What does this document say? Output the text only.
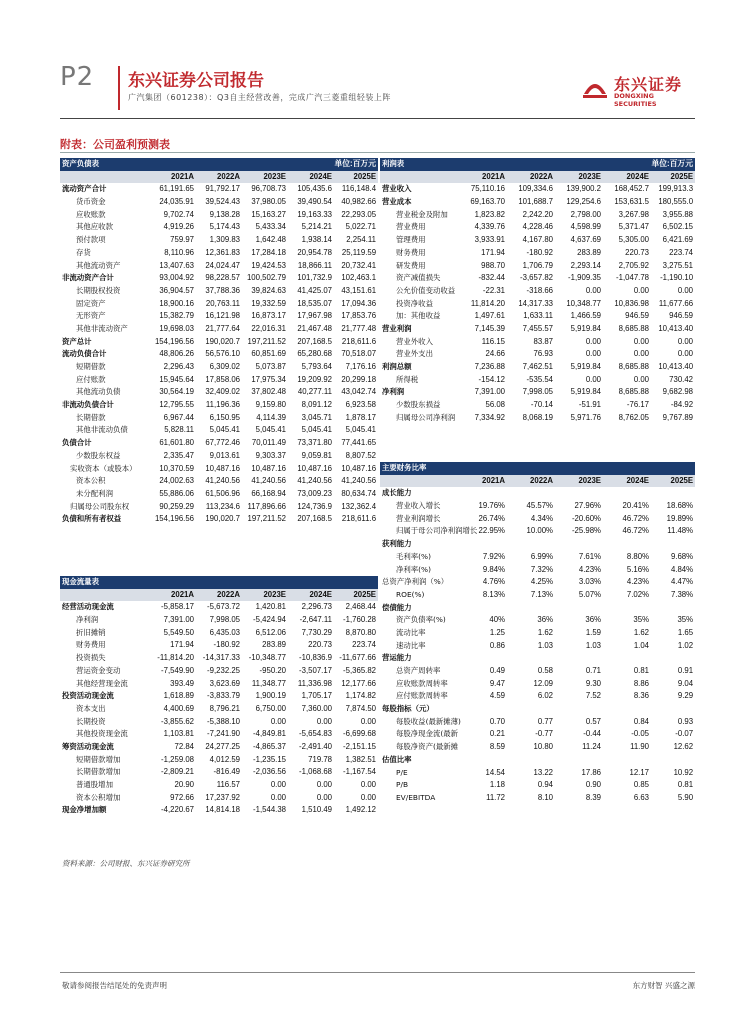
P2 东兴证券公司报告
广汽集团（601238）：Q3自主经营改善，完成广汽三菱重组轻装上阵
东兴证券
DONGXING SECURITIES
附表：公司盈利预测表
资产负债表			单位:百万元		
	2021A	2022A	2023E	2024E	2025E
流动资产合计	61,191.65	91,792.17	96,708.73	105,435.6	116,148.4
货币资金	24,035.91	39,524.43	37,980.05	39,490.54	40,982.66
应收账款	9,702.74	9,138.28	15,163.27	19,163.33	22,293.05
其他应收款	4,919.26	5,174.43	5,433.34	5,214.21	5,022.71
预付款项	759.97	1,309.83	1,642.48	1,938.14	2,254.11
存货	8,110.96	12,361.83	17,284.18	20,954.78	25,119.59
其他流动资产	13,407.63	24,024.47	19,424.53	18,866.11	20,732.41
非流动资产合计	93,004.92	98,228.57	100,502.79	101,732.9	102,463.1
长期股权投资	36,904.57	37,788.36	39,824.63	41,425.07	43,151.61
固定资产	18,900.16	20,763.11	19,332.59	18,535.07	17,094.36
无形资产	15,382.79	16,121.98	16,873.17	17,967.98	17,853.76
其他非流动资产	19,698.03	21,777.64	22,016.31	21,467.48	21,777.48
资产总计	154,196.56	190,020.7	197,211.52	207,168.5	218,611.6
流动负债合计	48,806.26	56,576.10	60,851.69	65,280.68	70,518.07
短期借款	2,296.43	6,309.02	5,073.87	5,793.64	7,176.16
应付账款	15,945.64	17,858.06	17,975.34	19,209.92	20,299.18
其他流动负债	30,564.19	32,409.02	37,802.48	40,277.11	43,042.74
非流动负债合计	12,795.55	11,196.36	9,159.80	8,091.12	6,923.58
长期借款	6,967.44	6,150.95	4,114.39	3,045.71	1,878.17
其他非流动负债	5,828.11	5,045.41	5,045.41	5,045.41	5,045.41
负债合计	61,601.80	67,772.46	70,011.49	73,371.80	77,441.65
少数股东权益	2,335.47	9,013.61	9,303.37	9,059.81	8,807.52
实收资本（或股本）	10,370.59	10,487.16	10,487.16	10,487.16	10,487.16
资本公积	24,002.63	41,240.56	41,240.56	41,240.56	41,240.56
未分配利润	55,886.06	61,506.96	66,168.94	73,009.23	80,634.74
归属母公司股东权	90,259.29	113,234.6	117,896.66	124,736.9	132,362.4
负债和所有者权益	154,196.56	190,020.7	197,211.52	207,168.5	218,611.6
利润表			单位:百万元		
	2021A	2022A	2023E	2024E	2025E
营业收入	75,110.16	109,334.6	139,900.2	168,452.7	199,913.3
营业成本	69,163.70	101,688.7	129,254.6	153,631.5	180,555.0
营业税金及附加	1,823.82	2,242.20	2,798.00	3,267.98	3,955.88
营业费用	4,339.76	4,228.46	4,598.99	5,371.47	6,502.15
管理费用	3,933.91	4,167.80	4,637.69	5,305.00	6,421.69
财务费用	171.94	-180.92	283.89	220.73	223.74
研发费用	988.70	1,706.79	2,293.14	2,705.92	3,275.51
资产减值损失	-832.44	-3,657.82	-1,909.35	-1,047.78	-1,190.10
公允价值变动收益	-22.31	-318.66	0.00	0.00	0.00
投资净收益	11,814.20	14,317.33	10,348.77	10,836.98	11,677.66
加：其他收益	1,497.61	1,633.11	1,466.59	946.59	946.59
营业利润	7,145.39	7,455.57	5,919.84	8,685.88	10,413.40
营业外收入	116.15	83.87	0.00	0.00	0.00
营业外支出	24.66	76.93	0.00	0.00	0.00
利润总额	7,236.88	7,462.51	5,919.84	8,685.88	10,413.40
所得税	-154.12	-535.54	0.00	0.00	730.42
净利润	7,391.00	7,998.05	5,919.84	8,685.88	9,682.98
少数股东损益	56.08	-70.14	-51.91	-76.17	-84.92
归属母公司净利润	7,334.92	8,068.19	5,971.76	8,762.05	9,767.89
主要财务比率					
	2021A	2022A	2023E	2024E	2025E
成长能力					
营业收入增长	19.76%	45.57%	27.96%	20.41%	18.68%
营业利润增长	26.74%	4.34%	-20.60%	46.72%	19.89%
归属于母公司净利润增长	22.95%	10.00%	-25.98%	46.72%	11.48%
获利能力					
毛利率(%)	7.92%	6.99%	7.61%	8.80%	9.68%
净利率(%)	9.84%	7.32%	4.23%	5.16%	4.84%
总资产净利润（%）	4.76%	4.25%	3.03%	4.23%	4.47%
ROE(%)	8.13%	7.13%	5.07%	7.02%	7.38%
偿债能力					
资产负债率(%)	40%	36%	36%	35%	35%
流动比率	1.25	1.62	1.59	1.62	1.65
速动比率	0.86	1.03	1.03	1.04	1.02
营运能力					
总资产周转率	0.49	0.58	0.71	0.81	0.91
应收账款周转率	9.47	12.09	9.30	8.86	9.04
应付账款周转率	4.59	6.02	7.52	8.36	9.29
每股指标（元）					
每股收益(最新摊薄)	0.70	0.77	0.57	0.84	0.93
每股净现金流(最新	0.21	-0.77	-0.44	-0.05	-0.07
每股净资产(最新摊	8.59	10.80	11.24	11.90	12.62
估值比率					
P/E	14.54	13.22	17.86	12.17	10.92
P/B	1.18	0.94	0.90	0.85	0.81
EV/EBITDA	11.72	8.10	8.39	6.63	5.90
现金流量表					
	2021A	2022A	2023E	2024E	2025E
经营活动现金流	-5,858.17	-5,673.72	1,420.81	2,296.73	2,468.44
净利润	7,391.00	7,998.05	-5,424.94	-2,647.11	-1,760.28
折旧摊销	5,549.50	6,435.03	6,512.06	7,730.29	8,870.80
财务费用	171.94	-180.92	283.89	220.73	223.74
投资损失	-11,814.20	-14,317.33	-10,348.77	-10,836.9	-11,677.66
营运资金变动	-7,549.90	-9,232.25	-950.20	-3,507.17	-5,365.82
其他经营现金流	393.49	3,623.69	11,348.77	11,336.98	12,177.66
投资活动现金流	1,618.89	-3,833.79	1,900.19	1,705.17	1,174.82
资本支出	4,400.69	8,796.21	6,750.00	7,360.00	7,874.50
长期投资	-3,855.62	-5,388.10	0.00	0.00	0.00
其他投资现金流	1,103.81	-7,241.90	-4,849.81	-5,654.83	-6,699.68
筹资活动现金流	72.84	24,277.25	-4,865.37	-2,491.40	-2,151.15
短期借款增加	-1,259.08	4,012.59	-1,235.15	719.78	1,382.51
长期借款增加	-2,809.21	-816.49	-2,036.56	-1,068.68	-1,167.54
普通股增加	20.90	116.57	0.00	0.00	0.00
资本公积增加	972.66	17,237.92	0.00	0.00	0.00
现金净增加额	-4,220.67	14,814.18	-1,544.38	1,510.49	1,492.12
资料来源：公司财报、东兴证券研究所
敬请参阅报告结尾处的免责声明	东方财智 兴盛之源
